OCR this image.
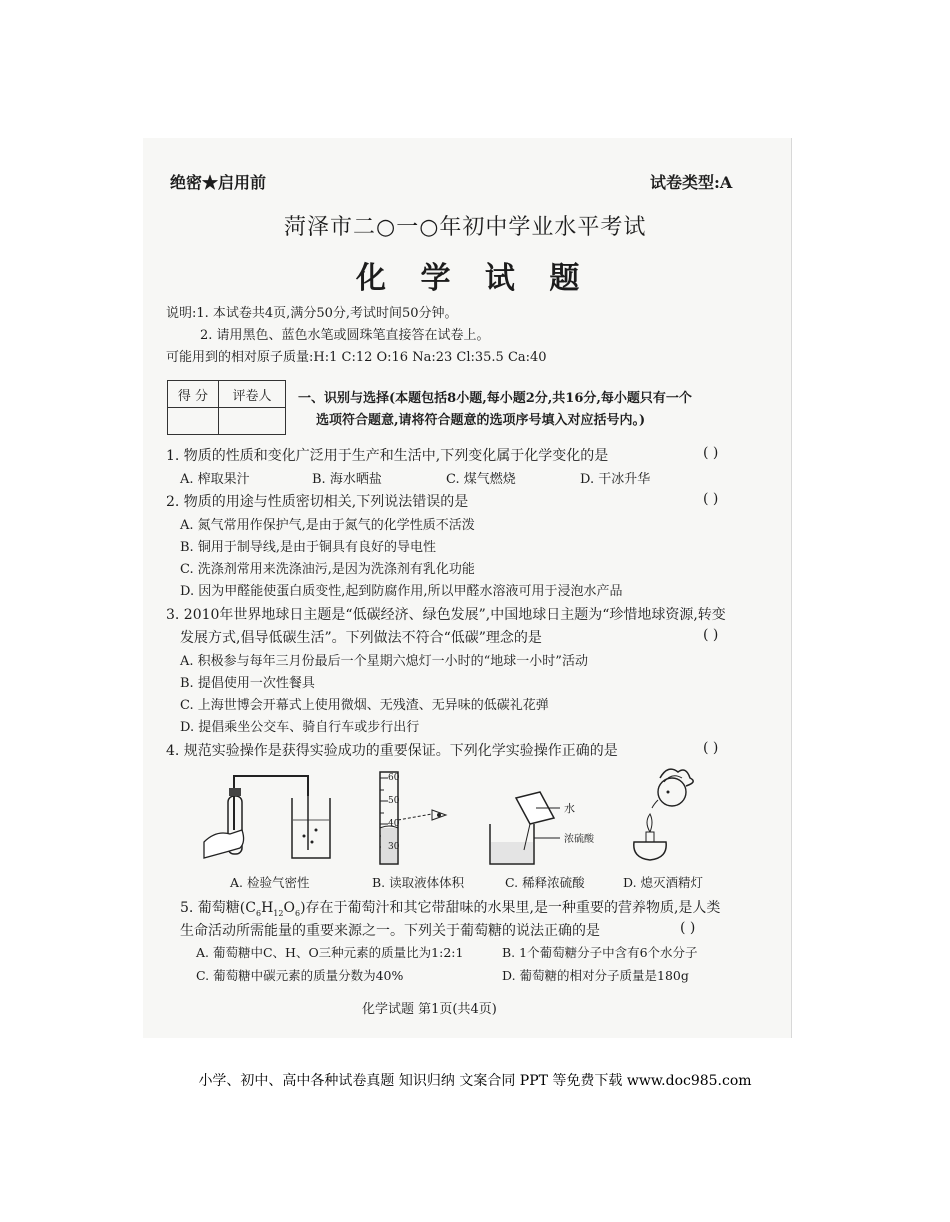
绝密★启用前	试卷类型:A
菏泽市二○一○年初中学业水平考试
化 学 试 题
说明:1. 本试卷共4页,满分50分,考试时间50分钟。
2. 请用黑色、蓝色水笔或圆珠笔直接答在试卷上。
可能用到的相对原子质量:H:1 C:12 O:16 Na:23 Cl:35.5 Ca:40
得 分	评卷人
	一、识别与选择(本题包括8小题,每小题2分,共16分,每小题只有一个
选项符合题意,请将符合题意的选项序号填入对应括号内。)
1. 物质的性质和变化广泛用于生产和生活中,下列变化属于化学变化的是	( )
A. 榨取果汁	B. 海水晒盐	C. 煤气燃烧	D. 干冰升华
2. 物质的用途与性质密切相关,下列说法错误的是	( )
A. 氮气常用作保护气,是由于氮气的化学性质不活泼
B. 铜用于制导线,是由于铜具有良好的导电性
C. 洗涤剂常用来洗涤油污,是因为洗涤剂有乳化功能
D. 因为甲醛能使蛋白质变性,起到防腐作用,所以甲醛水溶液可用于浸泡水产品
3. 2010年世界地球日主题是“低碳经济、绿色发展”,中国地球日主题为“珍惜地球资源,转变
发展方式,倡导低碳生活”。下列做法不符合“低碳”理念的是	( )
A. 积极参与每年三月份最后一个星期六熄灯一小时的“地球一小时”活动
B. 提倡使用一次性餐具
C. 上海世博会开幕式上使用微烟、无残渣、无异味的低碳礼花弹
D. 提倡乘坐公交车、骑自行车或步行出行
4. 规范实验操作是获得实验成功的重要保证。下列化学实验操作正确的是	( )
A. 检验气密性
60
50
40
30
B. 读取液体体积
水
浓硫酸
C. 稀释浓硫酸	D. 熄灭酒精灯
5. 葡萄糖$(C_6H_{12}O_6)$存在于葡萄汁和其它带甜味的水果里,是一种重要的营养物质,是人类
生命活动所需能量的重要来源之一。下列关于葡萄糖的说法正确的是	( )
A. 葡萄糖中C、H、O三种元素的质量比为1:2:1	B. 1个葡萄糖分子中含有6个水分子
C. 葡萄糖中碳元素的质量分数为40%	D. 葡萄糖的相对分子质量是180g
化学试题 第1页(共4页)
小学、初中、高中各种试卷真题 知识归纳 文案合同 PPT 等免费下载 www.doc985.com
